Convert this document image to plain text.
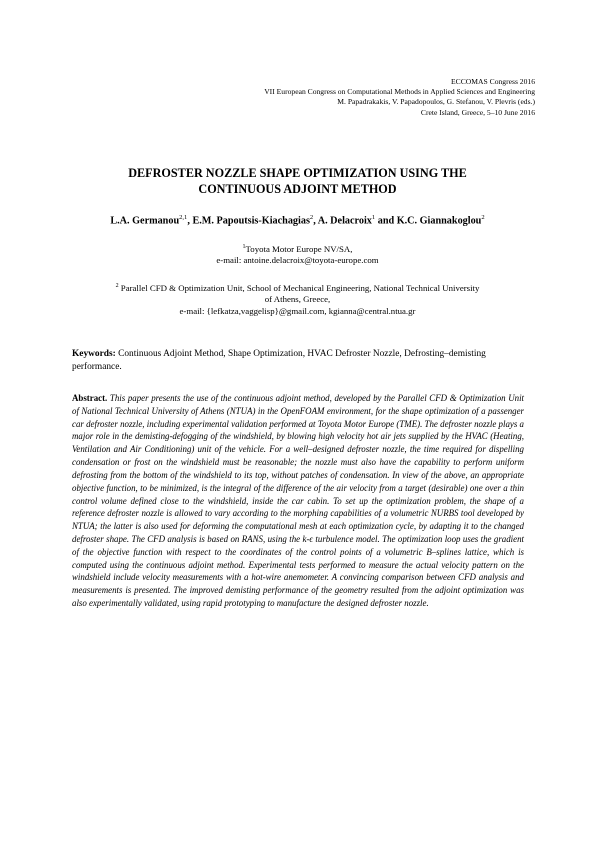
ECCOMAS Congress 2016
VII European Congress on Computational Methods in Applied Sciences and Engineering
M. Papadrakakis, V. Papadopoulos, G. Stefanou, V. Plevris (eds.)
Crete Island, Greece, 5–10 June 2016
DEFROSTER NOZZLE SHAPE OPTIMIZATION USING THE
CONTINUOUS ADJOINT METHOD
L.A. Germanou$^{2,1}$, E.M. Papoutsis-Kiachagias$^2$, A. Delacroix$^1$ and K.C. Giannakoglou$^2$
$^1$Toyota Motor Europe NV/SA,
e-mail: antoine.delacroix@toyota-europe.com
$^2$ Parallel CFD & Optimization Unit, School of Mechanical Engineering, National Technical University
of Athens, Greece,
e-mail: {lefkatza,vaggelisp}@gmail.com, kgianna@central.ntua.gr
Keywords: Continuous Adjoint Method, Shape Optimization, HVAC Defroster Nozzle, Defrosting–demisting performance.
Abstract. This paper presents the use of the continuous adjoint method, developed by the Parallel CFD & Optimization Unit of National Technical University of Athens (NTUA) in the OpenFOAM environment, for the shape optimization of a passenger car defroster nozzle, including experimental validation performed at Toyota Motor Europe (TME). The defroster nozzle plays a major role in the demisting-defogging of the windshield, by blowing high velocity hot air jets supplied by the HVAC (Heating, Ventilation and Air Conditioning) unit of the vehicle. For a well–designed defroster nozzle, the time required for dispelling condensation or frost on the windshield must be reasonable; the nozzle must also have the capability to perform uniform defrosting from the bottom of the windshield to its top, without patches of condensation. In view of the above, an appropriate objective function, to be minimized, is the integral of the difference of the air velocity from a target (desirable) one over a thin control volume defined close to the windshield, inside the car cabin. To set up the optimization problem, the shape of a reference defroster nozzle is allowed to vary according to the morphing capabilities of a volumetric NURBS tool developed by NTUA; the latter is also used for deforming the computational mesh at each optimization cycle, by adapting it to the changed defroster shape. The CFD analysis is based on RANS, using the k-ϵ turbulence model. The optimization loop uses the gradient of the objective function with respect to the coordinates of the control points of a volumetric B–splines lattice, which is computed using the continuous adjoint method. Experimental tests performed to measure the actual velocity pattern on the windshield include velocity measurements with a hot-wire anemometer. A convincing comparison between CFD analysis and measurements is presented. The improved demisting performance of the geometry resulted from the adjoint optimization was also experimentally validated, using rapid prototyping to manufacture the designed defroster nozzle.
